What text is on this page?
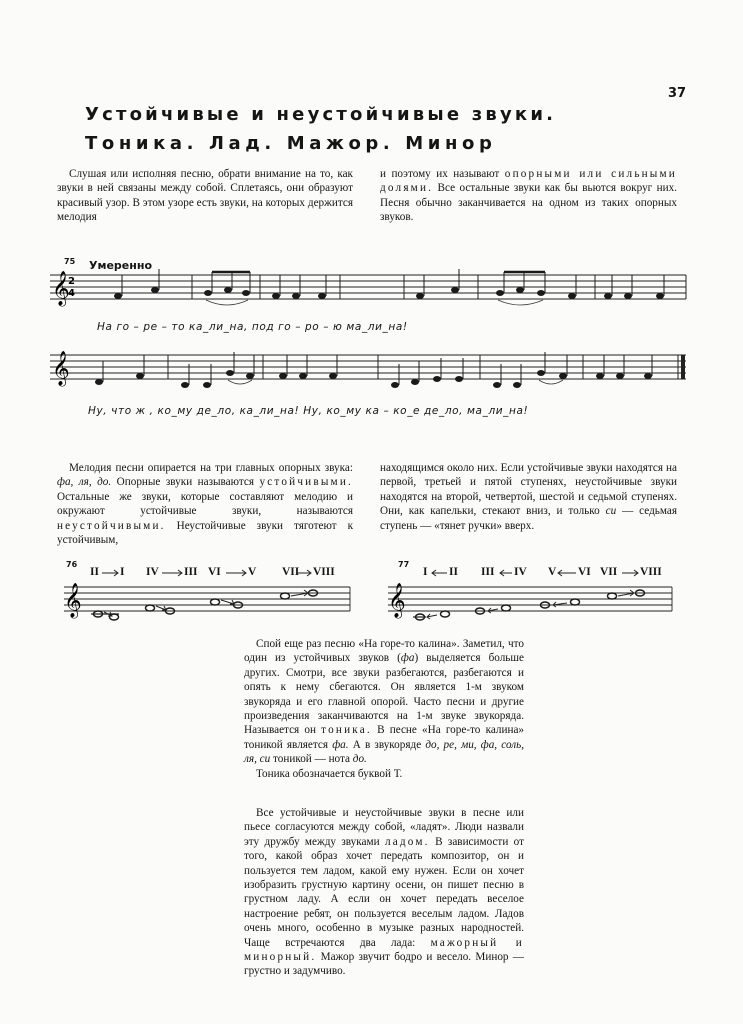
37
Устойчивые и неустойчивые звуки.
Тоника. Лад. Мажор. Минор

Слушая или исполняя песню, обрати внимание на то, как звуки в ней связаны между собой. Сплетаясь, они образуют красивый узор. В этом узоре есть звуки, на которых держится мелодия

и поэтому их называют опорными или сильными долями. Все остальные звуки как бы вьются вокруг них. Песня обычно заканчивается на одном из таких опорных звуков.
75 Умеренно
𝄞
𝄞
2
4
На го – ре – то ка_ли_на, под го – ро – ю ма_ли_на!
Ну, что ж , ко_му де_ло, ка_ли_на! Ну, ко_му ка – ко_е де_ло, ма_ли_на!

Мелодия песни опирается на три главных опорных звука: фа, ля, до. Опорные звуки называются устойчивыми. Остальные же звуки, которые составляют мелодию и окружают устойчивые звуки, называются неустойчивыми. Неустойчивые звуки тяготеют к устойчивым,

находящимся около них. Если устойчивые звуки находятся на первой, третьей и пятой ступенях, неустойчивые звуки находятся на второй, четвертой, шестой и седьмой ступенях. Они, как капельки, стекают вниз, и только си — седьмая ступень — «тянет ручки» вверх.
76
II I IV III VI V VII VIII
77
I II III IV V VI VII VIII
𝄞	𝄞

Спой еще раз песню «На горе-то калина». Заметил, что один из устойчивых звуков (фа) выделяется больше других. Смотри, все звуки разбегаются, разбегаются и опять к нему сбегаются. Он является 1-м звуком звукоряда и его главной опорой. Часто песни и другие произведения заканчиваются на 1-м звуке звукоряда. Называется он тоника. В песне «На горе-то калина» тоникой является фа. А в звукоряде до, ре, ми, фа, соль, ля, си тоникой — нота до.

Тоника обозначается буквой Т.

Все устойчивые и неустойчивые звуки в песне или пьесе согласуются между собой, «ладят». Люди назвали эту дружбу между звуками ладом. В зависимости от того, какой образ хочет передать композитор, он и пользуется тем ладом, какой ему нужен. Если он хочет изобразить грустную картину осени, он пишет песню в грустном ладу. А если он хочет передать веселое настроение ребят, он пользуется веселым ладом. Ладов очень много, особенно в музыке разных народностей. Чаще встречаются два лада: мажорный и минорный. Мажор звучит бодро и весело. Минор — грустно и задумчиво.
